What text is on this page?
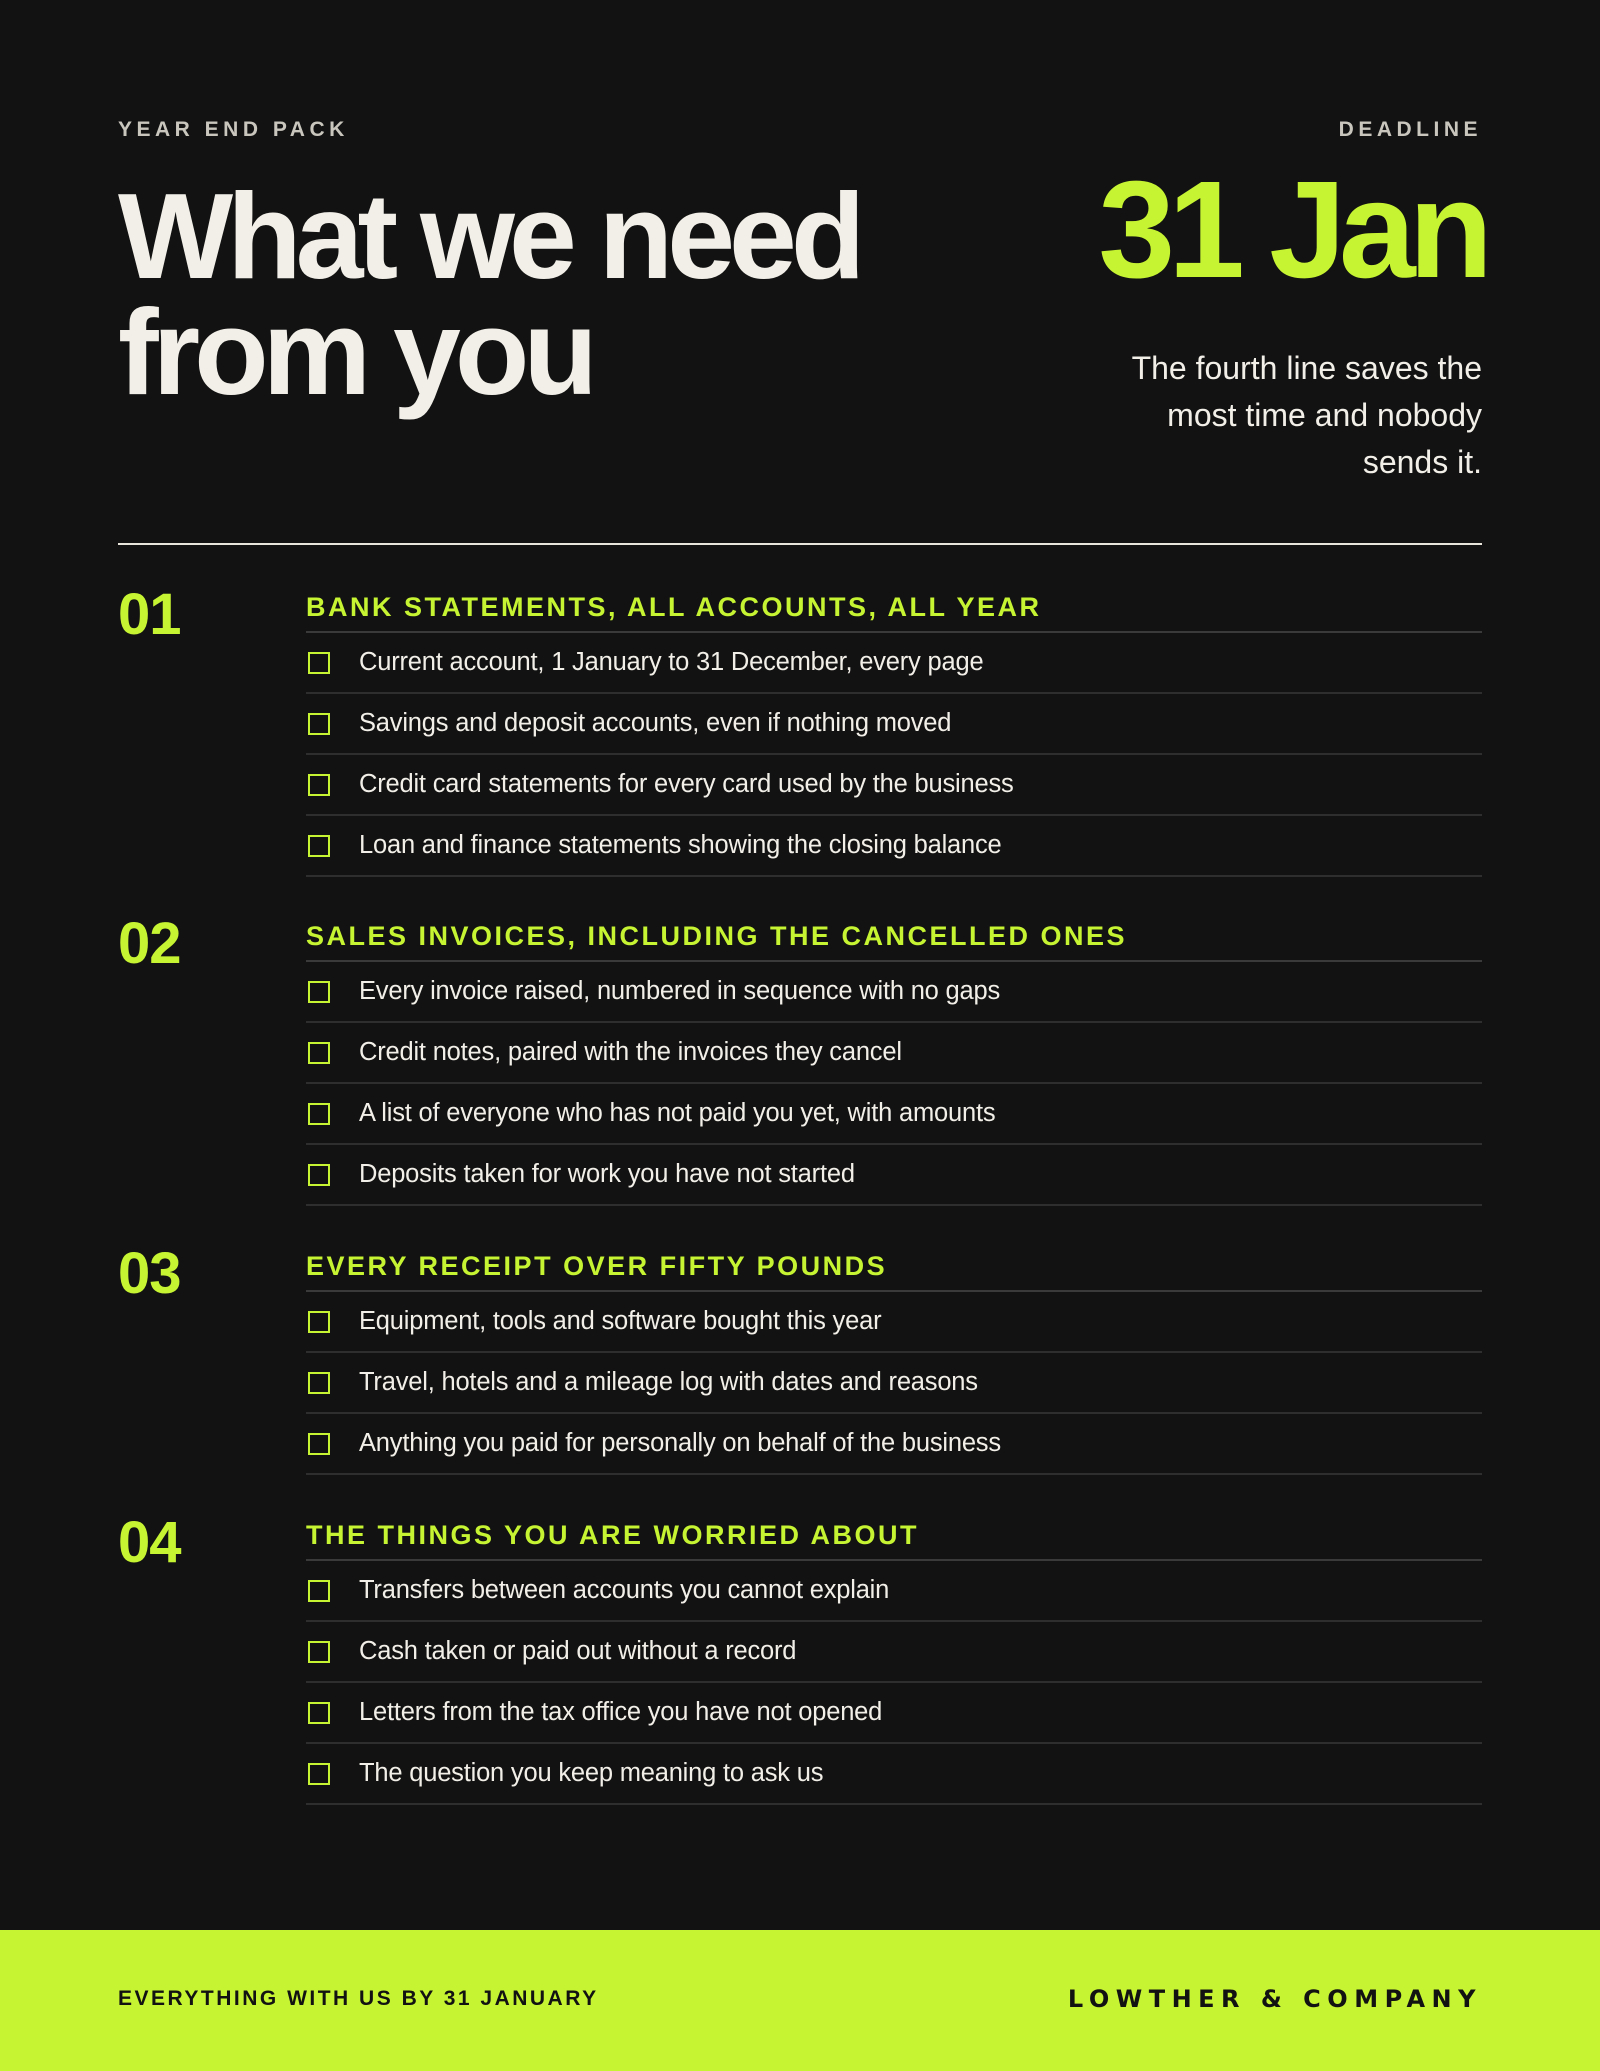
YEAR END PACK	DEADLINE
What we need
from you
31 Jan
The fourth line saves the
most time and nobody
sends it.
01	BANK STATEMENTS, ALL ACCOUNTS, ALL YEAR
Current account, 1 January to 31 December, every page
Savings and deposit accounts, even if nothing moved
Credit card statements for every card used by the business
Loan and finance statements showing the closing balance
02	SALES INVOICES, INCLUDING THE CANCELLED ONES
Every invoice raised, numbered in sequence with no gaps
Credit notes, paired with the invoices they cancel
A list of everyone who has not paid you yet, with amounts
Deposits taken for work you have not started
03	EVERY RECEIPT OVER FIFTY POUNDS
Equipment, tools and software bought this year
Travel, hotels and a mileage log with dates and reasons
Anything you paid for personally on behalf of the business
04	THE THINGS YOU ARE WORRIED ABOUT
Transfers between accounts you cannot explain
Cash taken or paid out without a record
Letters from the tax office you have not opened
The question you keep meaning to ask us
EVERYTHING WITH US BY 31 JANUARY	LOWTHER & COMPANY
